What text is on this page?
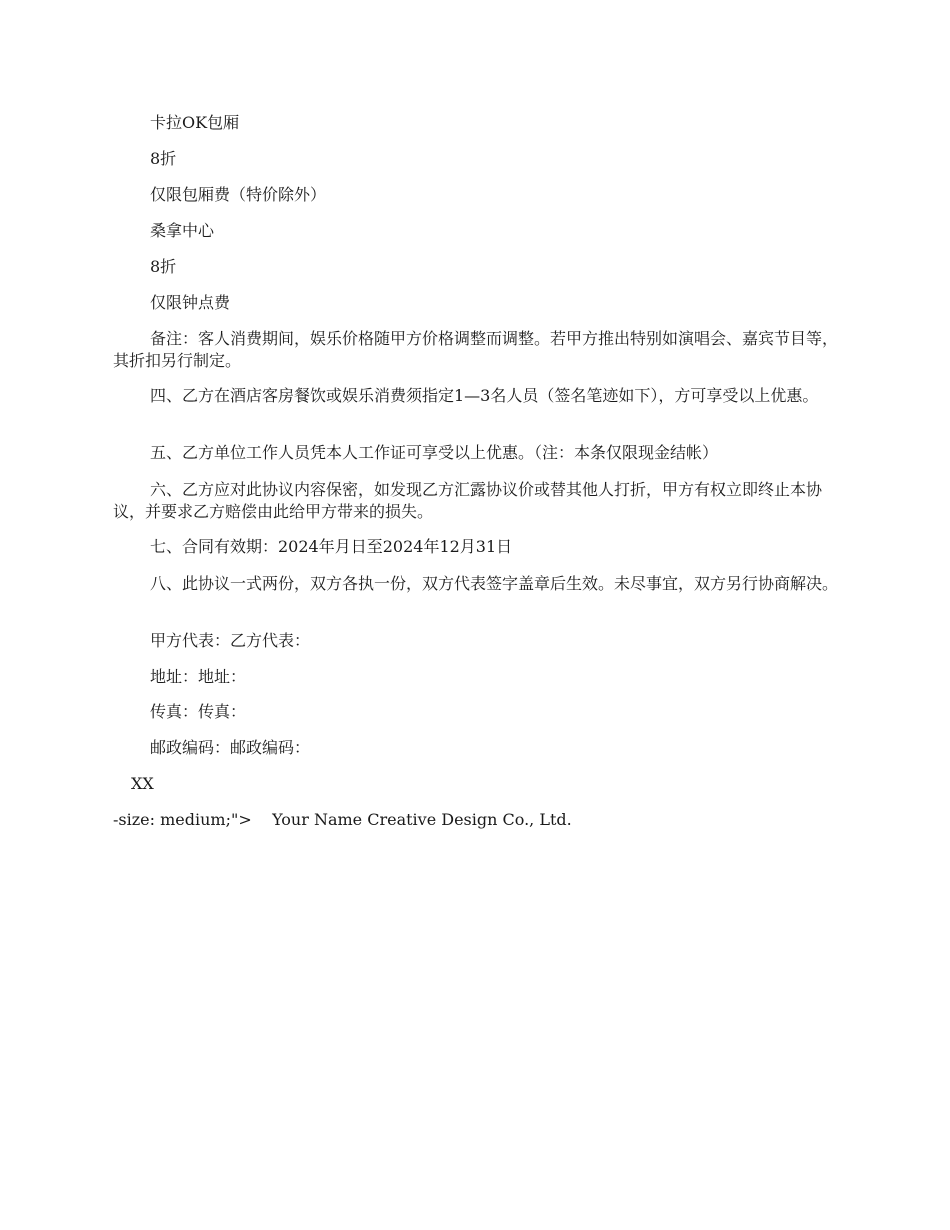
卡拉OK包厢
8折
仅限包厢费（特价除外）
桑拿中心
8折
仅限钟点费
备注：客人消费期间，娱乐价格随甲方价格调整而调整。若甲方推出特别如演唱会、嘉宾节目等，其折扣另行制定。
四、乙方在酒店客房餐饮或娱乐消费须指定1—3名人员（签名笔迹如下），方可享受以上优惠。
五、乙方单位工作人员凭本人工作证可享受以上优惠。（注：本条仅限现金结帐）
六、乙方应对此协议内容保密，如发现乙方汇露协议价或替其他人打折，甲方有权立即终止本协议，并要求乙方赔偿由此给甲方带来的损失。
七、合同有效期：2024年月日至2024年12月31日
八、此协议一式两份，双方各执一份，双方代表签字盖章后生效。未尽事宜，双方另行协商解决。
甲方代表：乙方代表：
地址：地址：
传真：传真：
邮政编码：邮政编码：
XX
-size: medium;"> Your Name Creative Design Co., Ltd.
